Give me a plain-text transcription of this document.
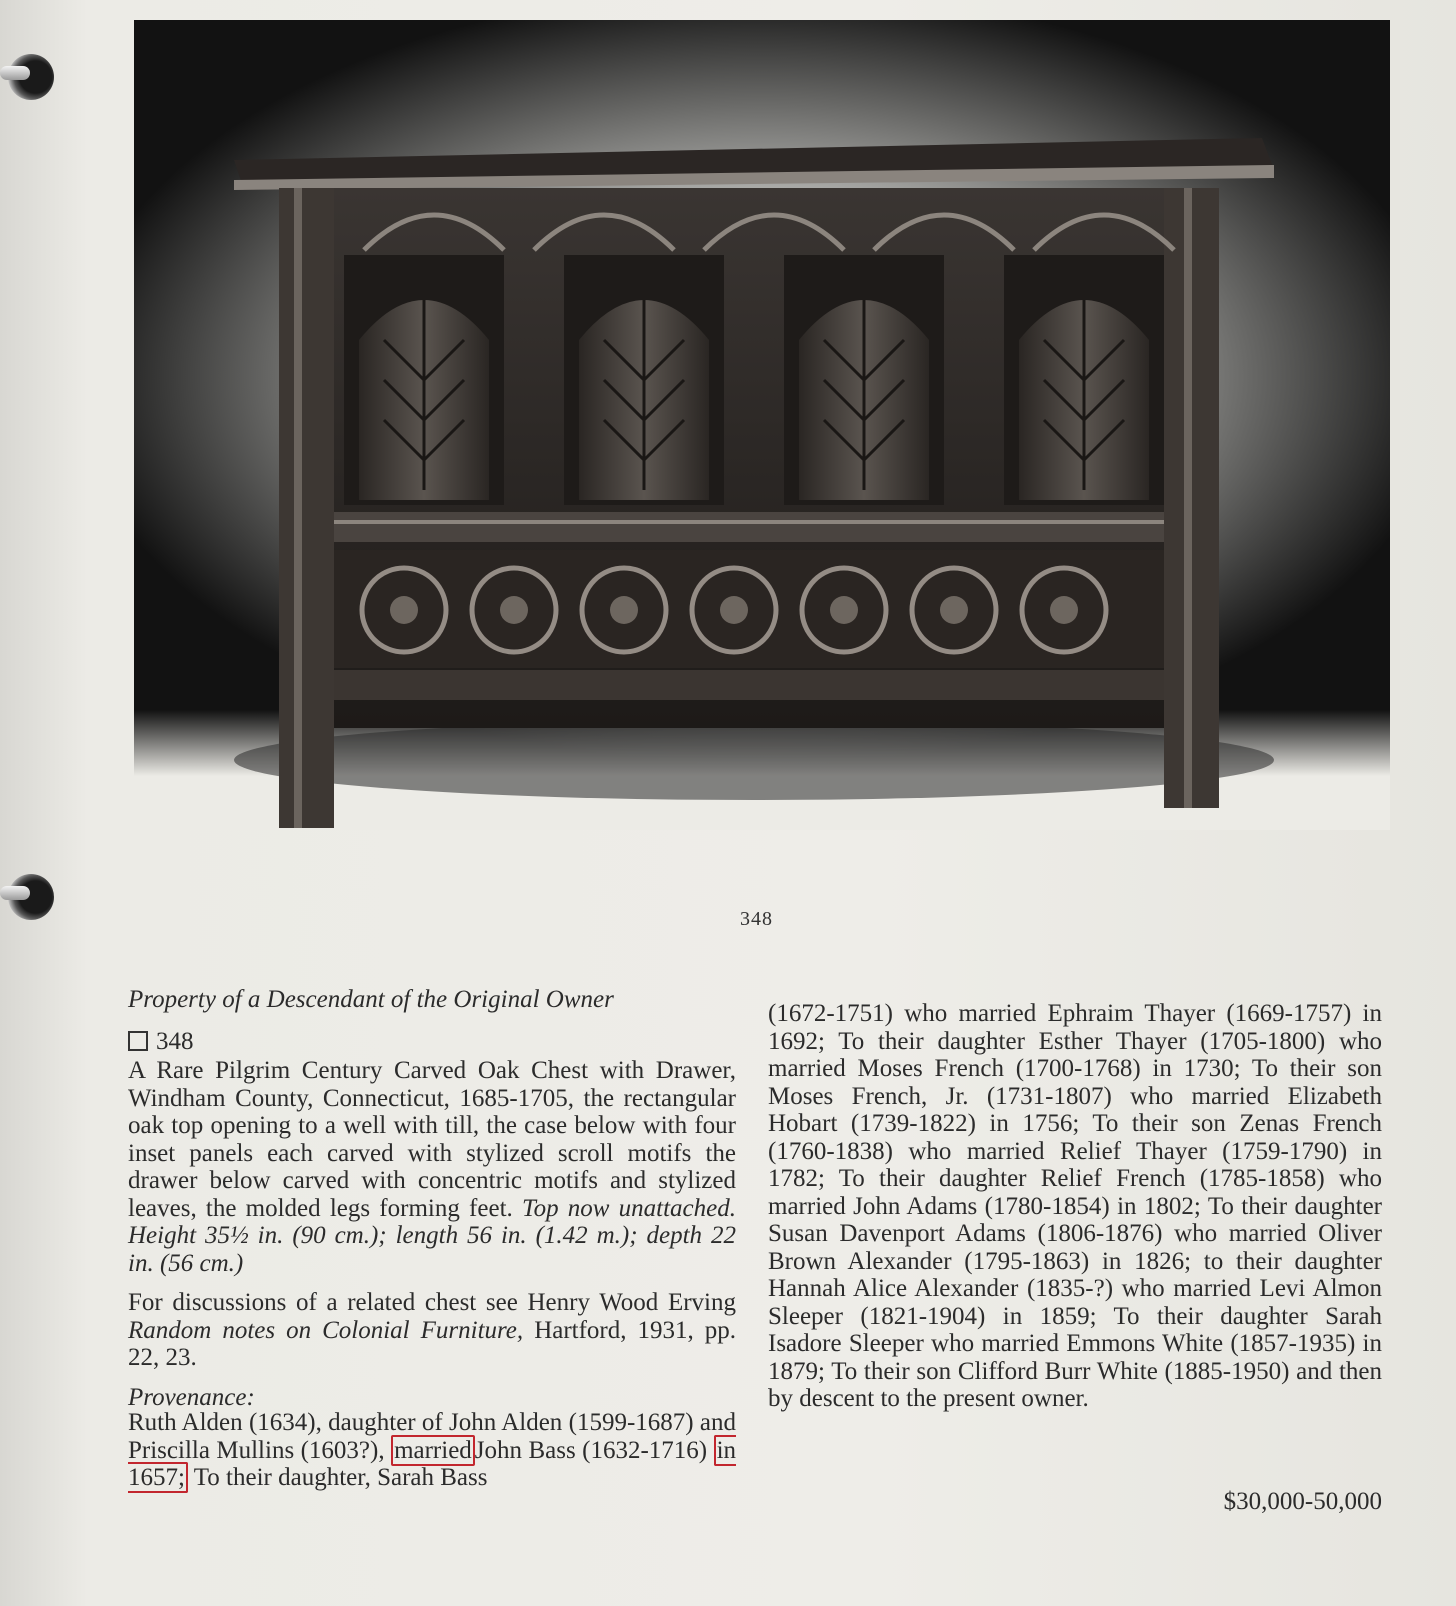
348

Property of a Descendant of the Original Owner

348

A Rare Pilgrim Century Carved Oak Chest with Drawer, Windham County, Connecticut, 1685-1705, the rectangular oak top opening to a well with till, the case below with four inset panels each carved with stylized scroll motifs the drawer below carved with concentric motifs and stylized leaves, the molded legs forming feet. Top now unattached. Height 35½ in. (90 cm.); length 56 in. (1.42 m.); depth 22 in. (56 cm.)

For discussions of a related chest see Henry Wood Erving Random notes on Colonial Furniture, Hartford, 1931, pp. 22, 23.

Provenance:

Ruth Alden (1634), daughter of John Alden (1599-1687) and Priscilla Mullins (1603?), married John Bass (1632-1716) in 1657; To their daughter, Sarah Bass

(1672-1751) who married Ephraim Thayer (1669-1757) in 1692; To their daughter Esther Thayer (1705-1800) who married Moses French (1700-1768) in 1730; To their son Moses French, Jr. (1731-1807) who married Elizabeth Hobart (1739-1822) in 1756; To their son Zenas French (1760-1838) who married Relief Thayer (1759-1790) in 1782; To their daughter Relief French (1785-1858) who married John Adams (1780-1854) in 1802; To their daughter Susan Davenport Adams (1806-1876) who married Oliver Brown Alexander (1795-1863) in 1826; to their daughter Hannah Alice Alexander (1835-?) who married Levi Almon Sleeper (1821-1904) in 1859; To their daughter Sarah Isadore Sleeper who married Emmons White (1857-1935) in 1879; To their son Clifford Burr White (1885-1950) and then by descent to the present owner.

$30,000-50,000
